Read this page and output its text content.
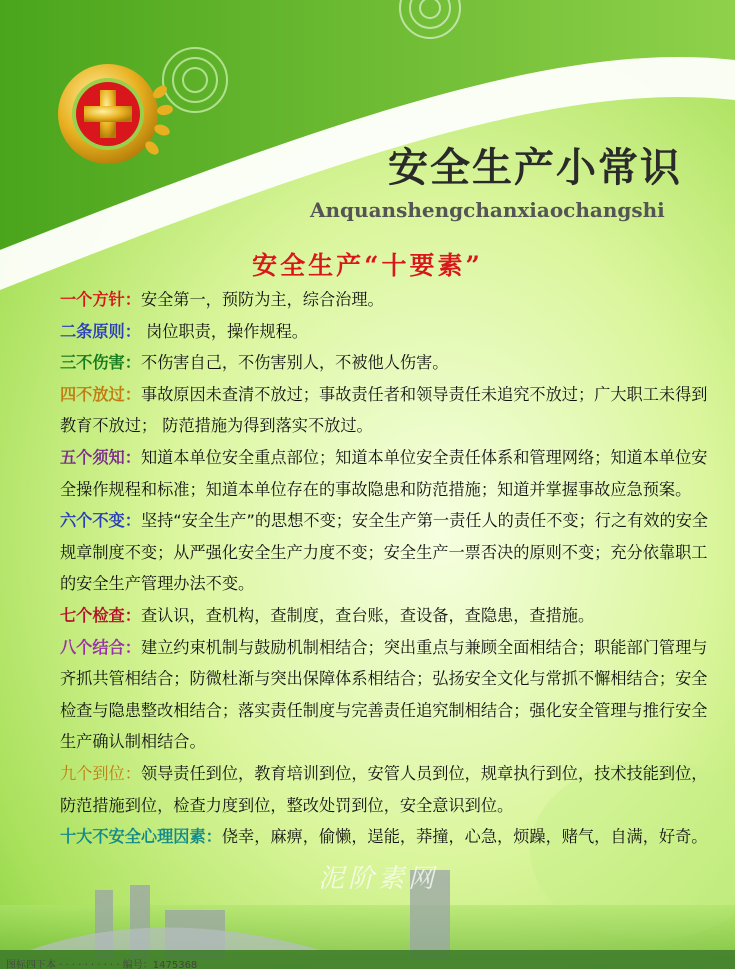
安全生产小常识
Anquanshengchanxiaochangshi
安全生产“十要素”
一个方针：安全第一，预防为主，综合治理。
二条原则： 岗位职责，操作规程。
三不伤害：不伤害自己，不伤害别人，不被他人伤害。
四不放过：事故原因未查清不放过；事故责任者和领导责任未追究不放过；广大职工未得到教育不放过； 防范措施为得到落实不放过。
五个须知：知道本单位安全重点部位；知道本单位安全责任体系和管理网络；知道本单位安全操作规程和标准；知道本单位存在的事故隐患和防范措施；知道并掌握事故应急预案。
六个不变：坚持“安全生产”的思想不变；安全生产第一责任人的责任不变；行之有效的安全规章制度不变；从严强化安全生产力度不变；安全生产一票否决的原则不变；充分依靠职工的安全生产管理办法不变。
七个检查：查认识，查机构，查制度，查台账，查设备，查隐患，查措施。
八个结合：建立约束机制与鼓励机制相结合；突出重点与兼顾全面相结合；职能部门管理与齐抓共管相结合；防微杜渐与突出保障体系相结合；弘扬安全文化与常抓不懈相结合；安全检查与隐患整改相结合；落实责任制度与完善责任追究制相结合；强化安全管理与推行安全生产确认制相结合。
九个到位：领导责任到位，教育培训到位，安管人员到位，规章执行到位，技术技能到位，防范措施到位，检查力度到位，整改处罚到位，安全意识到位。
十大不安全心理因素：侥幸，麻痹，偷懒，逞能，莽撞，心急，烦躁，赌气，自满，好奇。
泥阶素网
图标四下本 · · · · · · · · · · 编号：1475368
